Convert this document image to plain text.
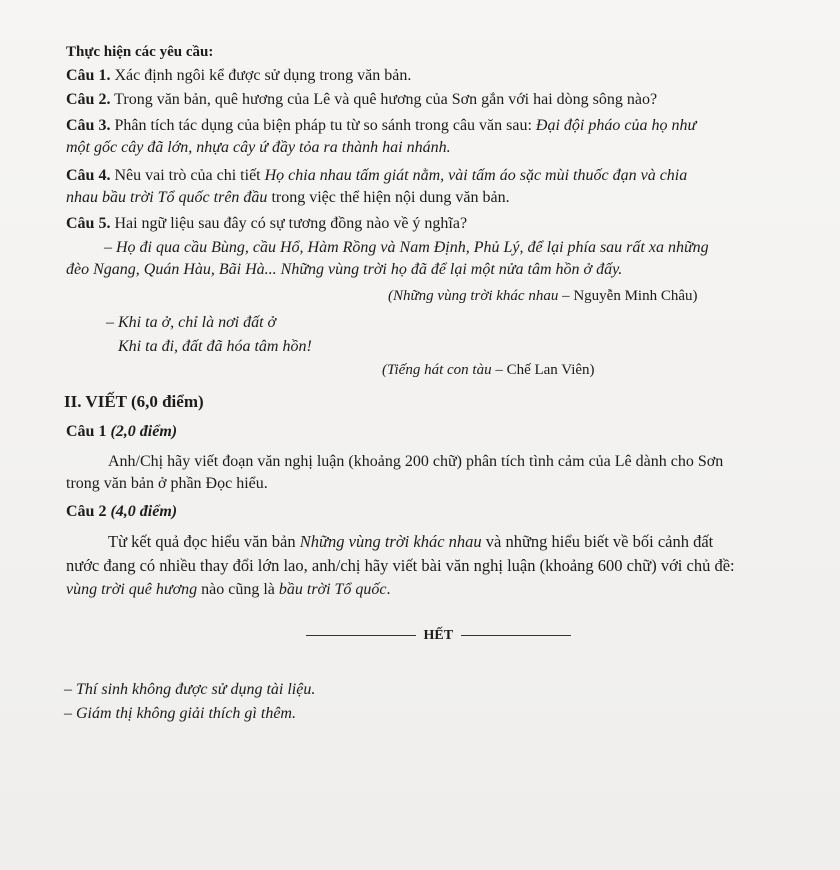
Thực hiện các yêu cầu:
Câu 1. Xác định ngôi kể được sử dụng trong văn bản.
Câu 2. Trong văn bản, quê hương của Lê và quê hương của Sơn gắn với hai dòng sông nào?
Câu 3. Phân tích tác dụng của biện pháp tu từ so sánh trong câu văn sau: Đại đội pháo của họ như
một gốc cây đã lớn, nhựa cây ứ đầy tỏa ra thành hai nhánh.
Câu 4. Nêu vai trò của chi tiết Họ chia nhau tấm giát nằm, vài tấm áo sặc mùi thuốc đạn và chia
nhau bầu trời Tổ quốc trên đầu trong việc thể hiện nội dung văn bản.
Câu 5. Hai ngữ liệu sau đây có sự tương đồng nào về ý nghĩa?
– Họ đi qua cầu Bùng, cầu Hổ, Hàm Rồng và Nam Định, Phủ Lý, để lại phía sau rất xa những
đèo Ngang, Quán Hàu, Bãi Hà... Những vùng trời họ đã để lại một nửa tâm hồn ở đấy.
(Những vùng trời khác nhau – Nguyễn Minh Châu)
– Khi ta ở, chỉ là nơi đất ở
Khi ta đi, đất đã hóa tâm hồn!
(Tiếng hát con tàu – Chế Lan Viên)
II. VIẾT (6,0 điểm)
Câu 1 (2,0 điểm)
Anh/Chị hãy viết đoạn văn nghị luận (khoảng 200 chữ) phân tích tình cảm của Lê dành cho Sơn
trong văn bản ở phần Đọc hiểu.
Câu 2 (4,0 điểm)
Từ kết quả đọc hiểu văn bản Những vùng trời khác nhau và những hiểu biết về bối cảnh đất
nước đang có nhiều thay đổi lớn lao, anh/chị hãy viết bài văn nghị luận (khoảng 600 chữ) với chủ đề:
vùng trời quê hương nào cũng là bầu trời Tổ quốc.
HẾT
– Thí sinh không được sử dụng tài liệu.
– Giám thị không giải thích gì thêm.
